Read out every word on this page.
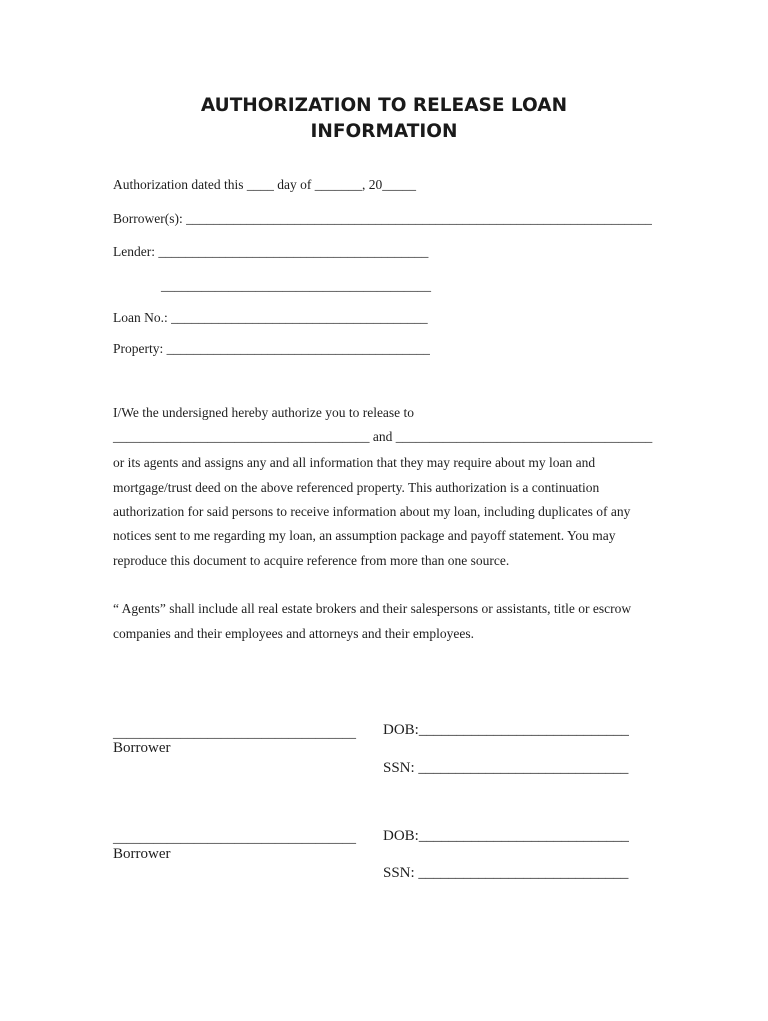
AUTHORIZATION TO RELEASE LOAN
INFORMATION
Authorization dated this ____ day of _______, 20_____
Borrower(s): _____________________________________________________________________
Lender: ________________________________________
________________________________________
Loan No.: ______________________________________
Property: _______________________________________
I/We the undersigned hereby authorize you to release to
______________________________________ and ______________________________________
or its agents and assigns any and all information that they may require about my loan and
mortgage/trust deed on the above referenced property. This authorization is a continuation
authorization for said persons to receive information about my loan, including duplicates of any
notices sent to me regarding my loan, an assumption package and payoff statement. You may
reproduce this document to acquire reference from more than one source.
“ Agents” shall include all real estate brokers and their salespersons or assistants, title or escrow
companies and their employees and attorneys and their employees.
____________________________________
Borrower
DOB:____________________________
SSN: ____________________________
____________________________________
Borrower
DOB:____________________________
SSN: ____________________________
